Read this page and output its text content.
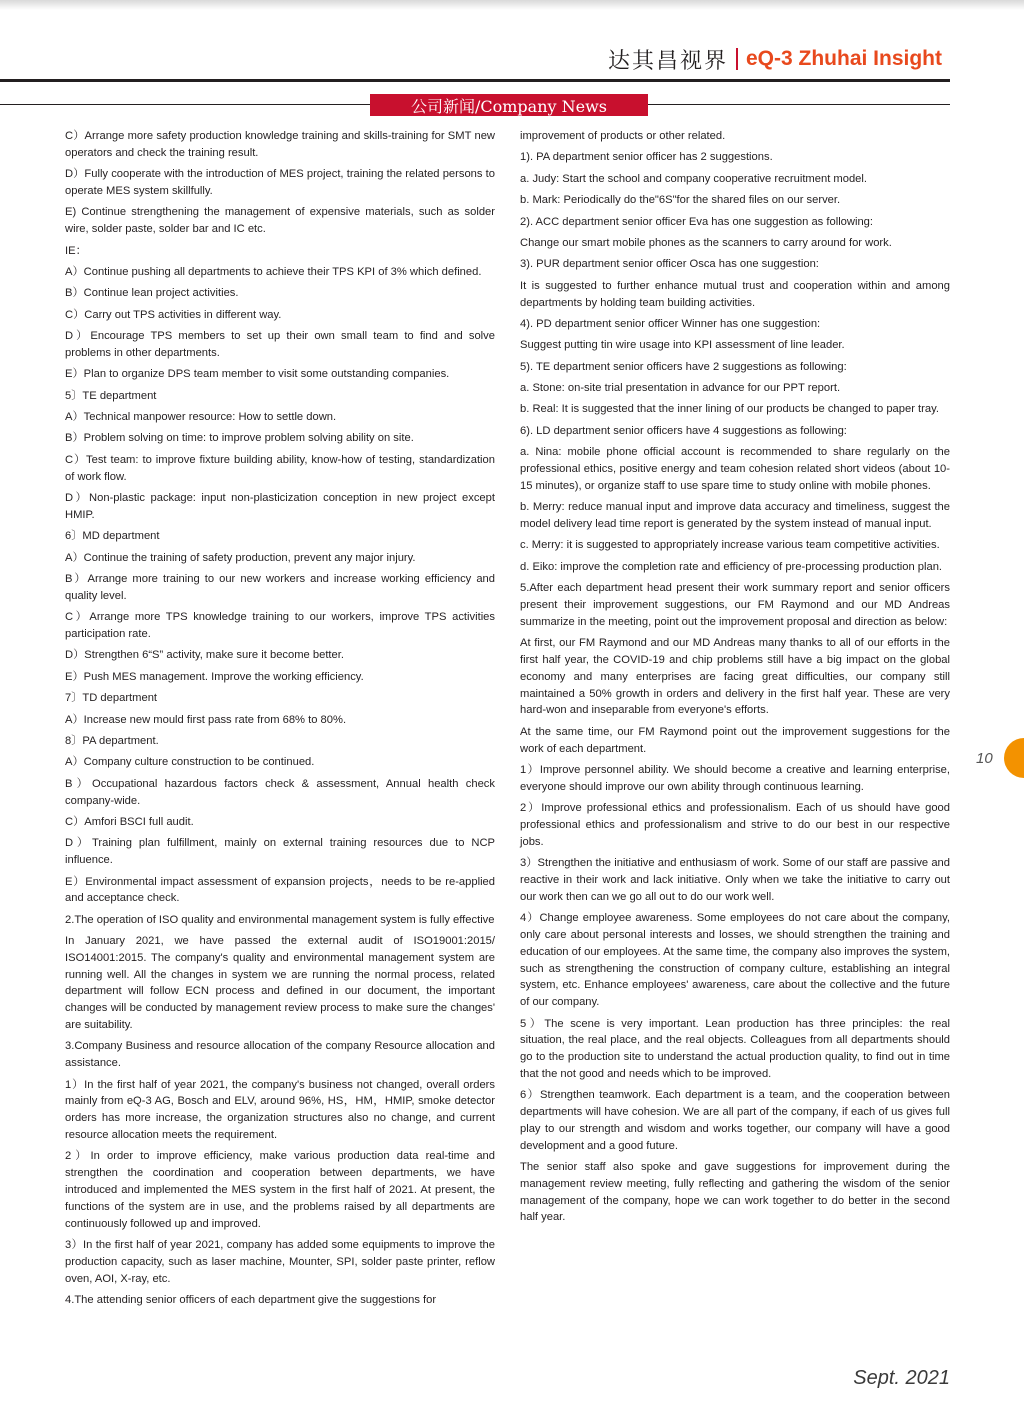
达其昌视界 eQ-3 Zhuhai Insight
公司新闻/Company News

C）Arrange more safety production knowledge training and skills-training for SMT new operators and check the training result.

D）Fully cooperate with the introduction of MES project, training the related persons to operate MES system skillfully.

E) Continue strengthening the management of expensive materials, such as solder wire, solder paste, solder bar and IC etc.

IE：

A）Continue pushing all departments to achieve their TPS KPI of 3% which defined.

B）Continue lean project activities.

C）Carry out TPS activities in different way.

D）Encourage TPS members to set up their own small team to find and solve problems in other departments.

E）Plan to organize DPS team member to visit some outstanding companies.

5〕TE department

A）Technical manpower resource: How to settle down.

B）Problem solving on time: to improve problem solving ability on site.

C）Test team: to improve fixture building ability, know-how of testing, standardization of work flow.

D）Non-plastic package: input non-plasticization conception in new project except HMIP.

6〕MD department

A）Continue the training of safety production, prevent any major injury.

B）Arrange more training to our new workers and increase working efficiency and quality level.

C）Arrange more TPS knowledge training to our workers, improve TPS activities participation rate.

D）Strengthen 6“S” activity, make sure it become better.

E）Push MES management. Improve the working efficiency.

7〕TD department

A）Increase new mould first pass rate from 68% to 80%.

8〕PA department.

A）Company culture construction to be continued.

B）Occupational hazardous factors check & assessment, Annual health check company-wide.

C）Amfori BSCI full audit.

D）Training plan fulfillment, mainly on external training resources due to NCP influence.

E）Environmental impact assessment of expansion projects，needs to be re-applied and acceptance check.

2.The operation of ISO quality and environmental management system is fully effective

In January 2021, we have passed the external audit of ISO19001:2015/ ISO14001:2015. The company's quality and environmental management system are running well. All the changes in system we are running the normal process, related department will follow ECN process and defined in our document, the important changes will be conducted by management review process to make sure the changes' are suitability.

3.Company Business and resource allocation of the company Resource allocation and assistance.

1）In the first half of year 2021, the company's business not changed, overall orders mainly from eQ-3 AG, Bosch and ELV, around 96%, HS，HM，HMIP, smoke detector orders has more increase, the organization structures also no change, and current resource allocation meets the requirement.

2）In order to improve efficiency, make various production data real-time and strengthen the coordination and cooperation between departments, we have introduced and implemented the MES system in the first half of 2021. At present, the functions of the system are in use, and the problems raised by all departments are continuously followed up and improved.

3）In the first half of year 2021, company has added some equipments to improve the production capacity, such as laser machine, Mounter, SPI, solder paste printer, reflow oven, AOI, X-ray, etc.

4.The attending senior officers of each department give the suggestions for

improvement of products or other related.

1). PA department senior officer has 2 suggestions.

a. Judy: Start the school and company cooperative recruitment model.

b. Mark: Periodically do the"6S"for the shared files on our server.

2). ACC department senior officer Eva has one suggestion as following:

Change our smart mobile phones as the scanners to carry around for work.

3). PUR department senior officer Osca has one suggestion:

It is suggested to further enhance mutual trust and cooperation within and among departments by holding team building activities.

4). PD department senior officer Winner has one suggestion:

Suggest putting tin wire usage into KPI assessment of line leader.

5). TE department senior officers have 2 suggestions as following:

a. Stone: on-site trial presentation in advance for our PPT report.

b. Real: It is suggested that the inner lining of our products be changed to paper tray.

6). LD department senior officers have 4 suggestions as following:

a. Nina: mobile phone official account is recommended to share regularly on the professional ethics, positive energy and team cohesion related short videos (about 10-15 minutes), or organize staff to use spare time to study online with mobile phones.

b. Merry: reduce manual input and improve data accuracy and timeliness, suggest the model delivery lead time report is generated by the system instead of manual input.

c. Merry: it is suggested to appropriately increase various team competitive activities.

d. Eiko: improve the completion rate and efficiency of pre-processing production plan.

5.After each department head present their work summary report and senior officers present their improvement suggestions, our FM Raymond and our MD Andreas summarize in the meeting, point out the improvement proposal and direction as below:

At first, our FM Raymond and our MD Andreas many thanks to all of our efforts in the first half year, the COVID-19 and chip problems still have a big impact on the global economy and many enterprises are facing great difficulties, our company still maintained a 50% growth in orders and delivery in the first half year. These are very hard-won and inseparable from everyone's efforts.

At the same time, our FM Raymond point out the improvement suggestions for the work of each department.

1）Improve personnel ability. We should become a creative and learning enterprise, everyone should improve our own ability through continuous learning.

2）Improve professional ethics and professionalism. Each of us should have good professional ethics and professionalism and strive to do our best in our respective jobs.

3）Strengthen the initiative and enthusiasm of work. Some of our staff are passive and reactive in their work and lack initiative. Only when we take the initiative to carry out our work then can we go all out to do our work well.

4）Change employee awareness. Some employees do not care about the company, only care about personal interests and losses, we should strengthen the training and education of our employees. At the same time, the company also improves the system, such as strengthening the construction of company culture, establishing an integral system, etc. Enhance employees' awareness, care about the collective and the future of our company.

5）The scene is very important. Lean production has three principles: the real situation, the real place, and the real objects. Colleagues from all departments should go to the production site to understand the actual production quality, to find out in time that the not good and needs which to be improved.

6）Strengthen teamwork. Each department is a team, and the cooperation between departments will have cohesion. We are all part of the company, if each of us gives full play to our strength and wisdom and works together, our company will have a good development and a good future.

The senior staff also spoke and gave suggestions for improvement during the management review meeting, fully reflecting and gathering the wisdom of the senior management of the company, hope we can work together to do better in the second half year.

10
Sept. 2021
